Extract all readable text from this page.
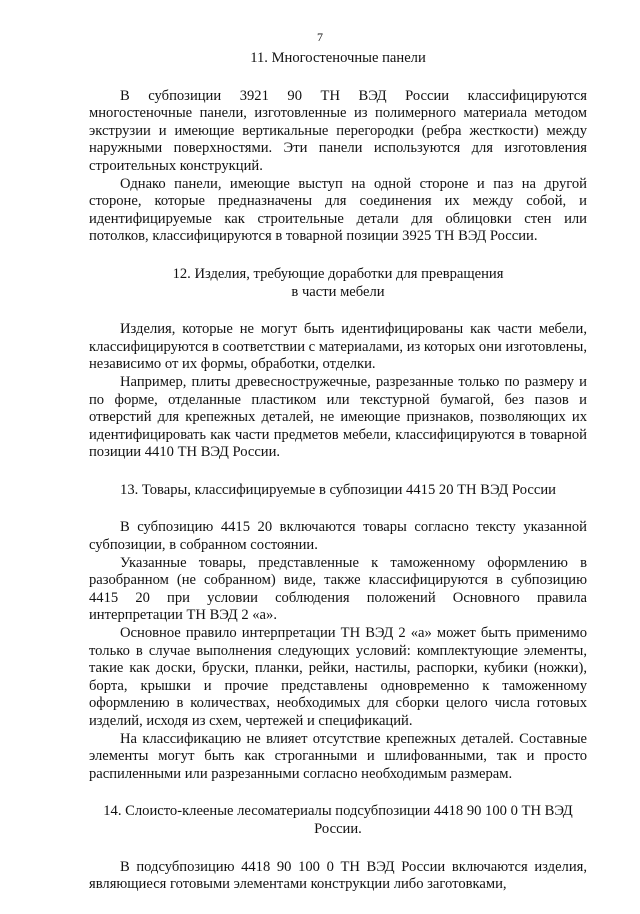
7
11. Многостеночные панели

В субпозиции 3921 90 ТН ВЭД России классифицируются многостеночные панели, изготовленные из полимерного материала методом экструзии и имеющие вертикальные перегородки (ребра жесткости) между наружными поверхностями. Эти панели используются для изготовления строительных конструкций.

Однако панели, имеющие выступ на одной стороне и паз на другой стороне, которые предназначены для соединения их между собой, и идентифицируемые как строительные детали для облицовки стен или потолков, классифицируются в товарной позиции 3925 ТН ВЭД России.

12. Изделия, требующие доработки для превращения
в части мебели

Изделия, которые не могут быть идентифицированы как части мебели, классифицируются в соответствии с материалами, из которых они изготовлены, независимо от их формы, обработки, отделки.

Например, плиты древесностружечные, разрезанные только по размеру и по форме, отделанные пластиком или текстурной бумагой, без пазов и отверстий для крепежных деталей, не имеющие признаков, позволяющих их идентифицировать как части предметов мебели, классифицируются в товарной позиции 4410 ТН ВЭД России.

13. Товары, классифицируемые в субпозиции 4415 20 ТН ВЭД России

В субпозицию 4415 20 включаются товары согласно тексту указанной субпозиции, в собранном состоянии.

Указанные товары, представленные к таможенному оформлению в разобранном (не собранном) виде, также классифицируются в субпозицию 4415 20 при условии соблюдения положений Основного правила интерпретации ТН ВЭД 2 «а».

Основное правило интерпретации ТН ВЭД 2 «а» может быть применимо только в случае выполнения следующих условий: комплектующие элементы, такие как доски, бруски, планки, рейки, настилы, распорки, кубики (ножки), борта, крышки и прочие представлены одновременно к таможенному оформлению в количествах, необходимых для сборки целого числа готовых изделий, исходя из схем, чертежей и спецификаций.

На классификацию не влияет отсутствие крепежных деталей. Составные элементы могут быть как строганными и шлифованными, так и просто распиленными или разрезанными согласно необходимым размерам.

14. Слоисто-клееные лесоматериалы подсубпозиции 4418 90 100 0 ТН ВЭД
России.

В подсубпозицию 4418 90 100 0 ТН ВЭД России включаются изделия, являющиеся готовыми элементами конструкции либо заготовками,
